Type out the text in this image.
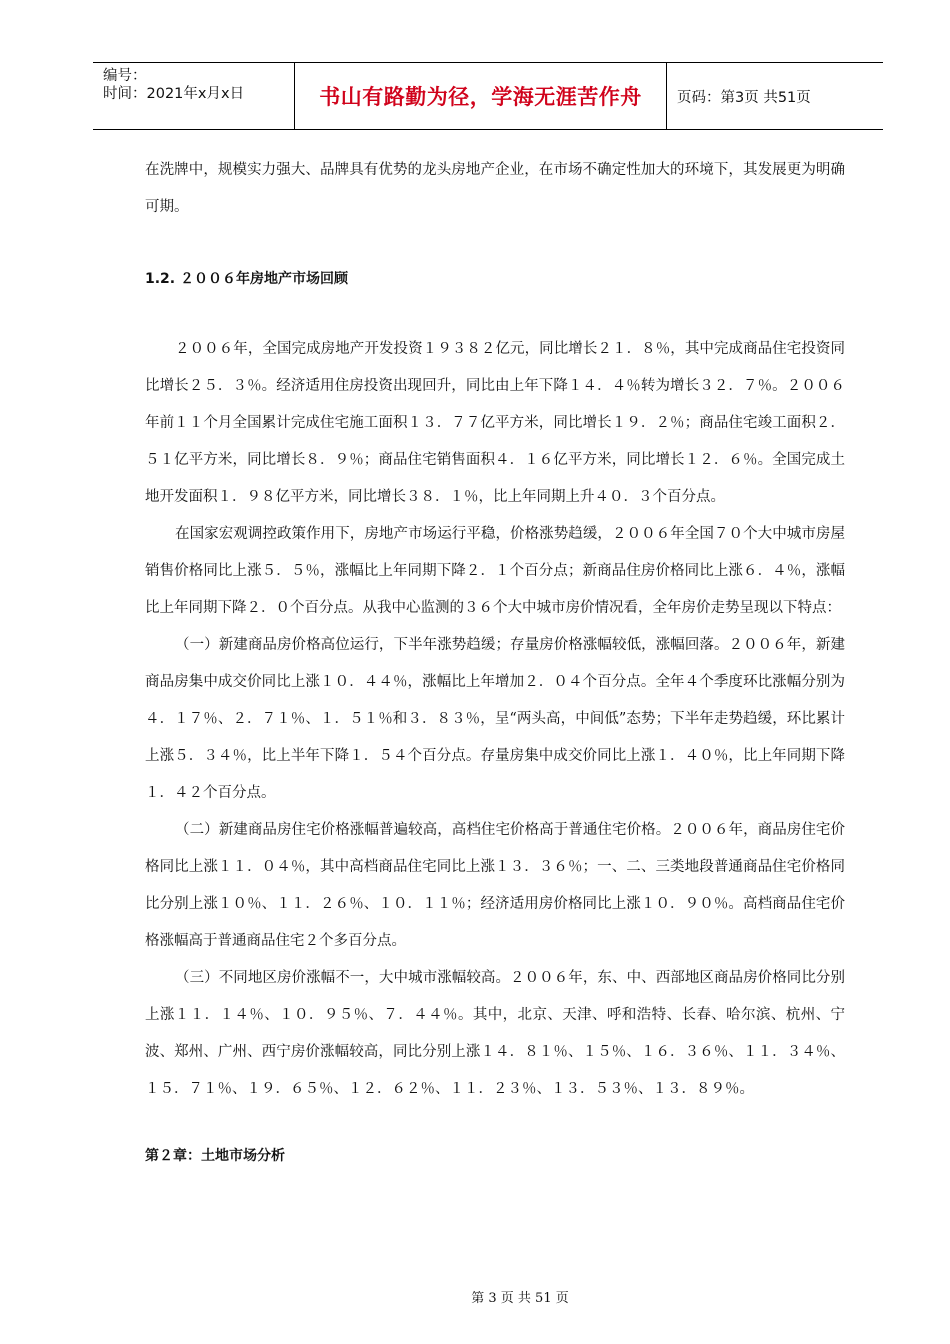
编号：
时间：2021年x月x日	书山有路勤为径，学海无涯苦作舟	页码：第3页 共51页

在洗牌中，规模实力强大、品牌具有优势的龙头房地产企业，在市场不确定性加大的环境下，其发展更为明确可期。

1.2. ２００６年房地产市场回顾

２００６年，全国完成房地产开发投资１９３８２亿元，同比增长２１．８％，其中完成商品住宅投资同比增长２５．３％。经济适用住房投资出现回升，同比由上年下降１４．４％转为增长３２．７％。２００６年前１１个月全国累计完成住宅施工面积１３．７７亿平方米，同比增长１９．２％；商品住宅竣工面积２．５１亿平方米，同比增长８．９％；商品住宅销售面积４．１６亿平方米，同比增长１２．６％。全国完成土地开发面积１．９８亿平方米，同比增长３８．１％，比上年同期上升４０．３个百分点。

在国家宏观调控政策作用下，房地产市场运行平稳，价格涨势趋缓，２００６年全国７０个大中城市房屋销售价格同比上涨５．５％，涨幅比上年同期下降２．１个百分点；新商品住房价格同比上涨６．４％，涨幅比上年同期下降２．０个百分点。从我中心监测的３６个大中城市房价情况看，全年房价走势呈现以下特点：

（一）新建商品房价格高位运行，下半年涨势趋缓；存量房价格涨幅较低，涨幅回落。２００６年，新建商品房集中成交价同比上涨１０．４４％，涨幅比上年增加２．０４个百分点。全年４个季度环比涨幅分别为４．１７％、２．７１％、１．５１％和３．８３％，呈“两头高，中间低”态势；下半年走势趋缓，环比累计上涨５．３４％，比上半年下降１．５４个百分点。存量房集中成交价同比上涨１．４０％，比上年同期下降１．４２个百分点。

（二）新建商品房住宅价格涨幅普遍较高，高档住宅价格高于普通住宅价格。２００６年，商品房住宅价格同比上涨１１．０４％，其中高档商品住宅同比上涨１３．３６％；一、二、三类地段普通商品住宅价格同比分别上涨１０％、１１．２６％、１０．１１％；经济适用房价格同比上涨１０．９０％。高档商品住宅价格涨幅高于普通商品住宅２个多百分点。

（三）不同地区房价涨幅不一，大中城市涨幅较高。２００６年，东、中、西部地区商品房价格同比分别上涨１１．１４％、１０．９５％、７．４４％。其中，北京、天津、呼和浩特、长春、哈尔滨、杭州、宁波、郑州、广州、西宁房价涨幅较高，同比分别上涨１４．８１％、１５％、１６．３６％、１１．３４％、１５．７１％、１９．６５％、１２．６２％、１１．２３％、１３．５３％、１３．８９％。

第２章：土地市场分析

第 3 页 共 51 页
